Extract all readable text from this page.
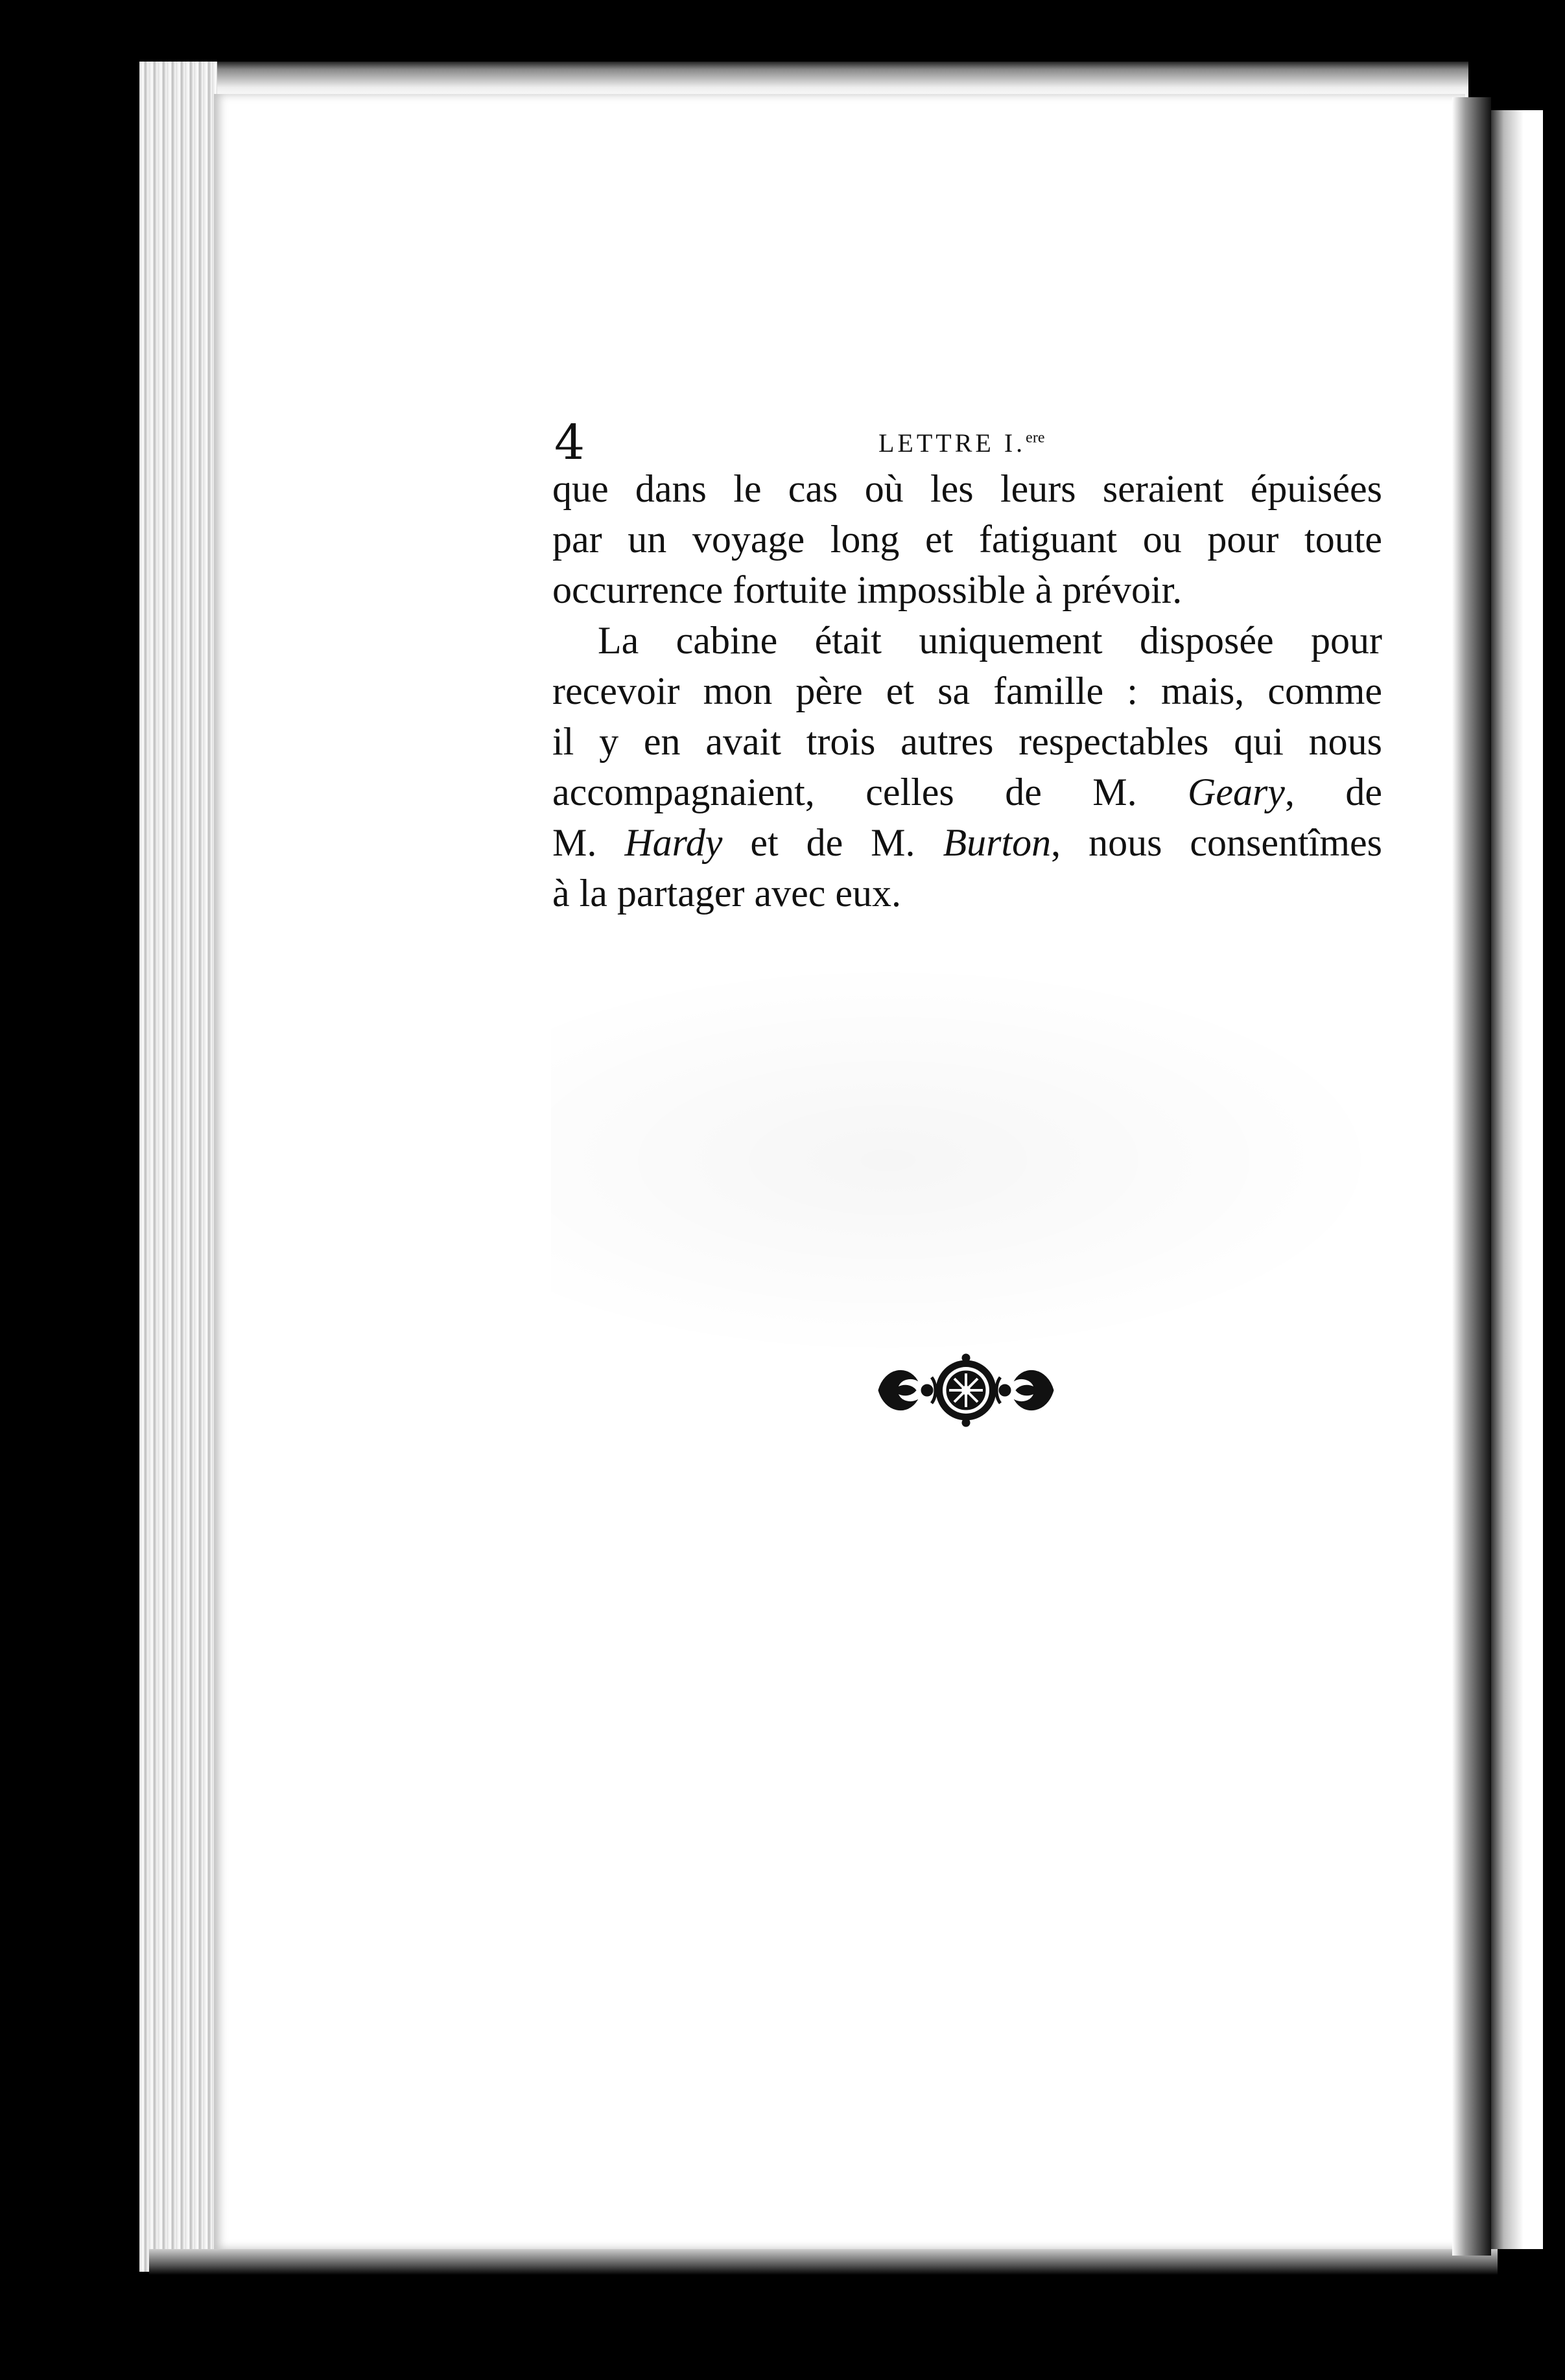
4	LETTRE I.$^{ere}$
que dans le cas où les leurs seraient épuisées
par un voyage long et fatiguant ou pour toute
occurrence fortuite impossible à prévoir.
La cabine était uniquement disposée pour
recevoir mon père et sa famille : mais, comme
il y en avait trois autres respectables qui nous
accompagnaient, celles de M. Geary, de
M. Hardy et de M. Burton, nous consentîmes
à la partager avec eux.
